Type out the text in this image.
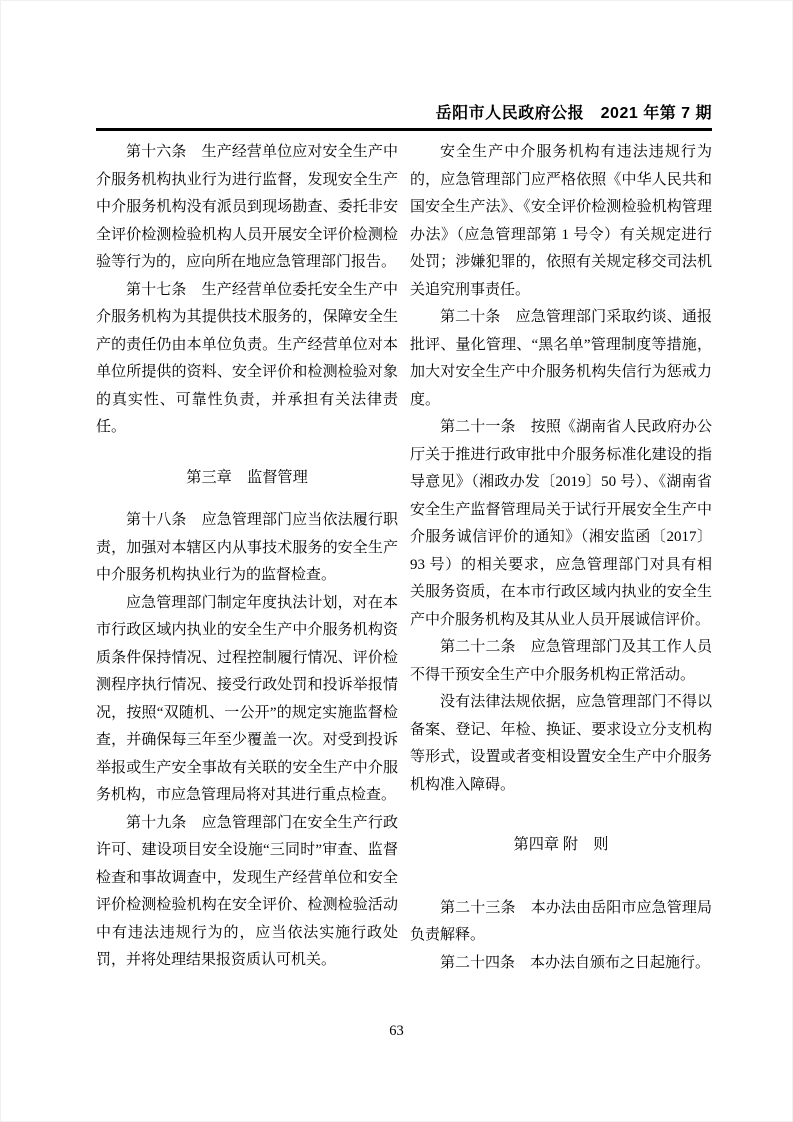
岳阳市人民政府公报　2021 年第 7 期

第十六条　生产经营单位应对安全生产中介服务机构执业行为进行监督，发现安全生产中介服务机构没有派员到现场勘查、委托非安全评价检测检验机构人员开展安全评价检测检验等行为的，应向所在地应急管理部门报告。

第十七条　生产经营单位委托安全生产中介服务机构为其提供技术服务的，保障安全生产的责任仍由本单位负责。生产经营单位对本单位所提供的资料、安全评价和检测检验对象的真实性、可靠性负责，并承担有关法律责任。

第三章　监督管理

第十八条　应急管理部门应当依法履行职责，加强对本辖区内从事技术服务的安全生产中介服务机构执业行为的监督检查。

应急管理部门制定年度执法计划，对在本市行政区域内执业的安全生产中介服务机构资质条件保持情况、过程控制履行情况、评价检测程序执行情况、接受行政处罚和投诉举报情况，按照“双随机、一公开”的规定实施监督检查，并确保每三年至少覆盖一次。对受到投诉举报或生产安全事故有关联的安全生产中介服务机构，市应急管理局将对其进行重点检查。

第十九条　应急管理部门在安全生产行政许可、建设项目安全设施“三同时”审查、监督检查和事故调查中，发现生产经营单位和安全评价检测检验机构在安全评价、检测检验活动中有违法违规行为的，应当依法实施行政处罚，并将处理结果报资质认可机关。

安全生产中介服务机构有违法违规行为的，应急管理部门应严格依照《中华人民共和国安全生产法》、《安全评价检测检验机构管理办法》（应急管理部第 1 号令）有关规定进行处罚；涉嫌犯罪的，依照有关规定移交司法机关追究刑事责任。

第二十条　应急管理部门采取约谈、通报批评、量化管理、“黑名单”管理制度等措施，加大对安全生产中介服务机构失信行为惩戒力度。

第二十一条　按照《湖南省人民政府办公厅关于推进行政审批中介服务标准化建设的指导意见》（湘政办发〔2019〕50 号）、《湖南省安全生产监督管理局关于试行开展安全生产中介服务诚信评价的通知》（湘安监函〔2017〕93 号）的相关要求，应急管理部门对具有相关服务资质，在本市行政区域内执业的安全生产中介服务机构及其从业人员开展诚信评价。

第二十二条　应急管理部门及其工作人员不得干预安全生产中介服务机构正常活动。

没有法律法规依据，应急管理部门不得以备案、登记、年检、换证、要求设立分支机构等形式，设置或者变相设置安全生产中介服务机构准入障碍。

第四章 附　则

第二十三条　本办法由岳阳市应急管理局负责解释。

第二十四条　本办法自颁布之日起施行。

63
